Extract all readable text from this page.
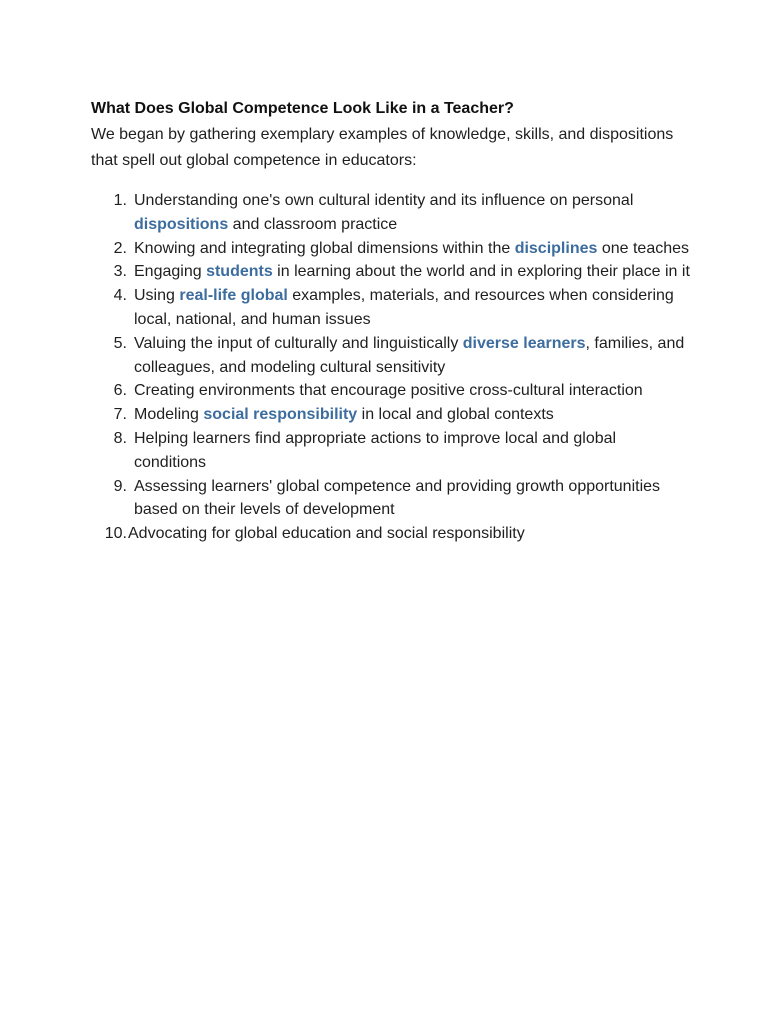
What Does Global Competence Look Like in a Teacher?

We began by gathering exemplary examples of knowledge, skills, and dispositions that spell out global competence in educators:

1. Understanding one's own cultural identity and its influence on personal dispositions and classroom practice
2. Knowing and integrating global dimensions within the disciplines one teaches
3. Engaging students in learning about the world and in exploring their place in it
4. Using real-life global examples, materials, and resources when considering local, national, and human issues
5. Valuing the input of culturally and linguistically diverse learners, families, and colleagues, and modeling cultural sensitivity
6. Creating environments that encourage positive cross-cultural interaction
7. Modeling social responsibility in local and global contexts
8. Helping learners find appropriate actions to improve local and global conditions
9. Assessing learners' global competence and providing growth opportunities based on their levels of development
10. Advocating for global education and social responsibility
